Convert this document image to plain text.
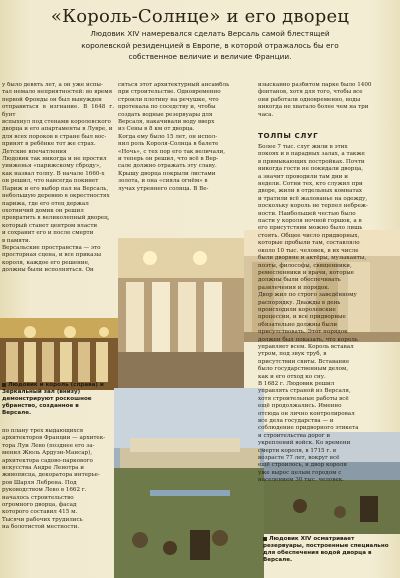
«Король-Солнце» и его дворец
Людовик XIV намеревался сделать Версаль самой блестящей королевской резиденцией в Европе, в которой отражалось бы его собственное величие и величие Франции.
у было девять лет, а он уже испы-
тал немало неприятностей: во время
первой Фронды он был вынужден
отправиться в изгнание. В 1648 г. бунт
вспыхнул под стенами королевского
дворца и его апартаменты в Лувре, и
для всех пороков в стране был вос-
принят в ребёнке тот же страх.
Детские впечатления
Людовик так никогда и не простил
униженья «парижскому сброду»,
как назвал толпу. В начале 1660-х
он решил, что навсегда покинет
Париж и его выбор пал на Версаль,
небольшую деревню в окрестностях
парижа, где его отец держал
охотничий домик он решил
превратить в великолепный дворец,
который станет центром власти
и сохранит его и после смерти
в памяти.
Версальские пространства — это
просторная сцена, и все приказы
короля, каждое его решение,
должны были исполняться. Он
ситься этот архитектурный ансамбль
при строительстве. Одновременно
строили плотину на речушке, что
протекала по соседству и, чтобы
создать водные резервуары для
Версаля, накачивали воду вверх
из Сены в 8 км от дворца.
Когда ему было 15 лет, он испол-
нил роль Короля-Солнца в балете
«Ночь», с тех пор его так величали,
и теперь он решил, что всё в Вер-
сале должно отражать эту славу.
Крышу дворца покрыли листами
золота, и она «сияла огнём» в
лучах утреннего солнца. В Ве-
изысканно разбитом парке было 1400
фонтанов, хотя для того, чтобы все
они работали одновременно, воды
никогда не хватало более чем на три
часа.
ТОЛПЫ СЛУГ
Более 7 тыс. слуг жили в этих
покоях и в парадных залах, а также
в примыкающих постройках. Почти
никогда гости не покидали дворца,
а значит проводили там дни и
недели. Сотни тех, кто служил при
дворе, жили в отдельных комнатах
и тратили всё жалованье на одежду,
поскольку король не терпел небреж-
ности. Наибольшей честью было
пасти у короля ночной горшок, а в
его присутствии можно было лишь
стоять. Общее число придворных,
которые пробыли там, составляло
около 10 тыс. человек, в их числе
были дворяне и актёры, музыканты,
поэты, философы, священники,
ремесленники и врачи, которые
должны были обеспечивать
развлечения и порядок.
Двор жил по строго заведённому
распорядку. Дважды в день
происходили королевские
процессии, и все придворные
обязательно должны были
присутствовать. Этот порядок
должен был показать, что король
управляет всем. Король вставал
утром, под звук труб, в
присутствии свиты. Вставание
было государственным делом,
как и его отход ко сну.
В 1682 г. Людовик решил
управлять страной из Версаля,
хотя строительные работы всё
ещё продолжались. Именно
отсюда он лично контролировал
все дела государства — и
соблюдение придворного этикета
и строительства дорог и
укреплений войск. Ко времени
смерти короля, в 1715 г. в
возрасте 77 лет, вокруг всё
ещё строилось, и двор короля
уже вырос целым городом с
населением 30 тыс. человек.
по плану трех выдающихся
архитекторов Франции — архитек-
тора Луи Лево (позднее его за-
менил Жюль Ардуэн-Мансар),
архитектора садово-паркового
искусства Андре Ленотра и
живописца, декоратора интерье-
ров Шарля Лебрена. Под
руководством Лево в 1662 г.
началось строительство
огромного дворца, фасад
которого составил 415 м.
Тысячи рабочих трудились
на болотистой местности.
Людовик и король (справа) и Зеркальный зал (внизу) демонстрируют роскошное убранство, созданное в Версале.
Людовик XIV осматривает резервуары, построенные специально для обеспечения водой дворца в Версале.
